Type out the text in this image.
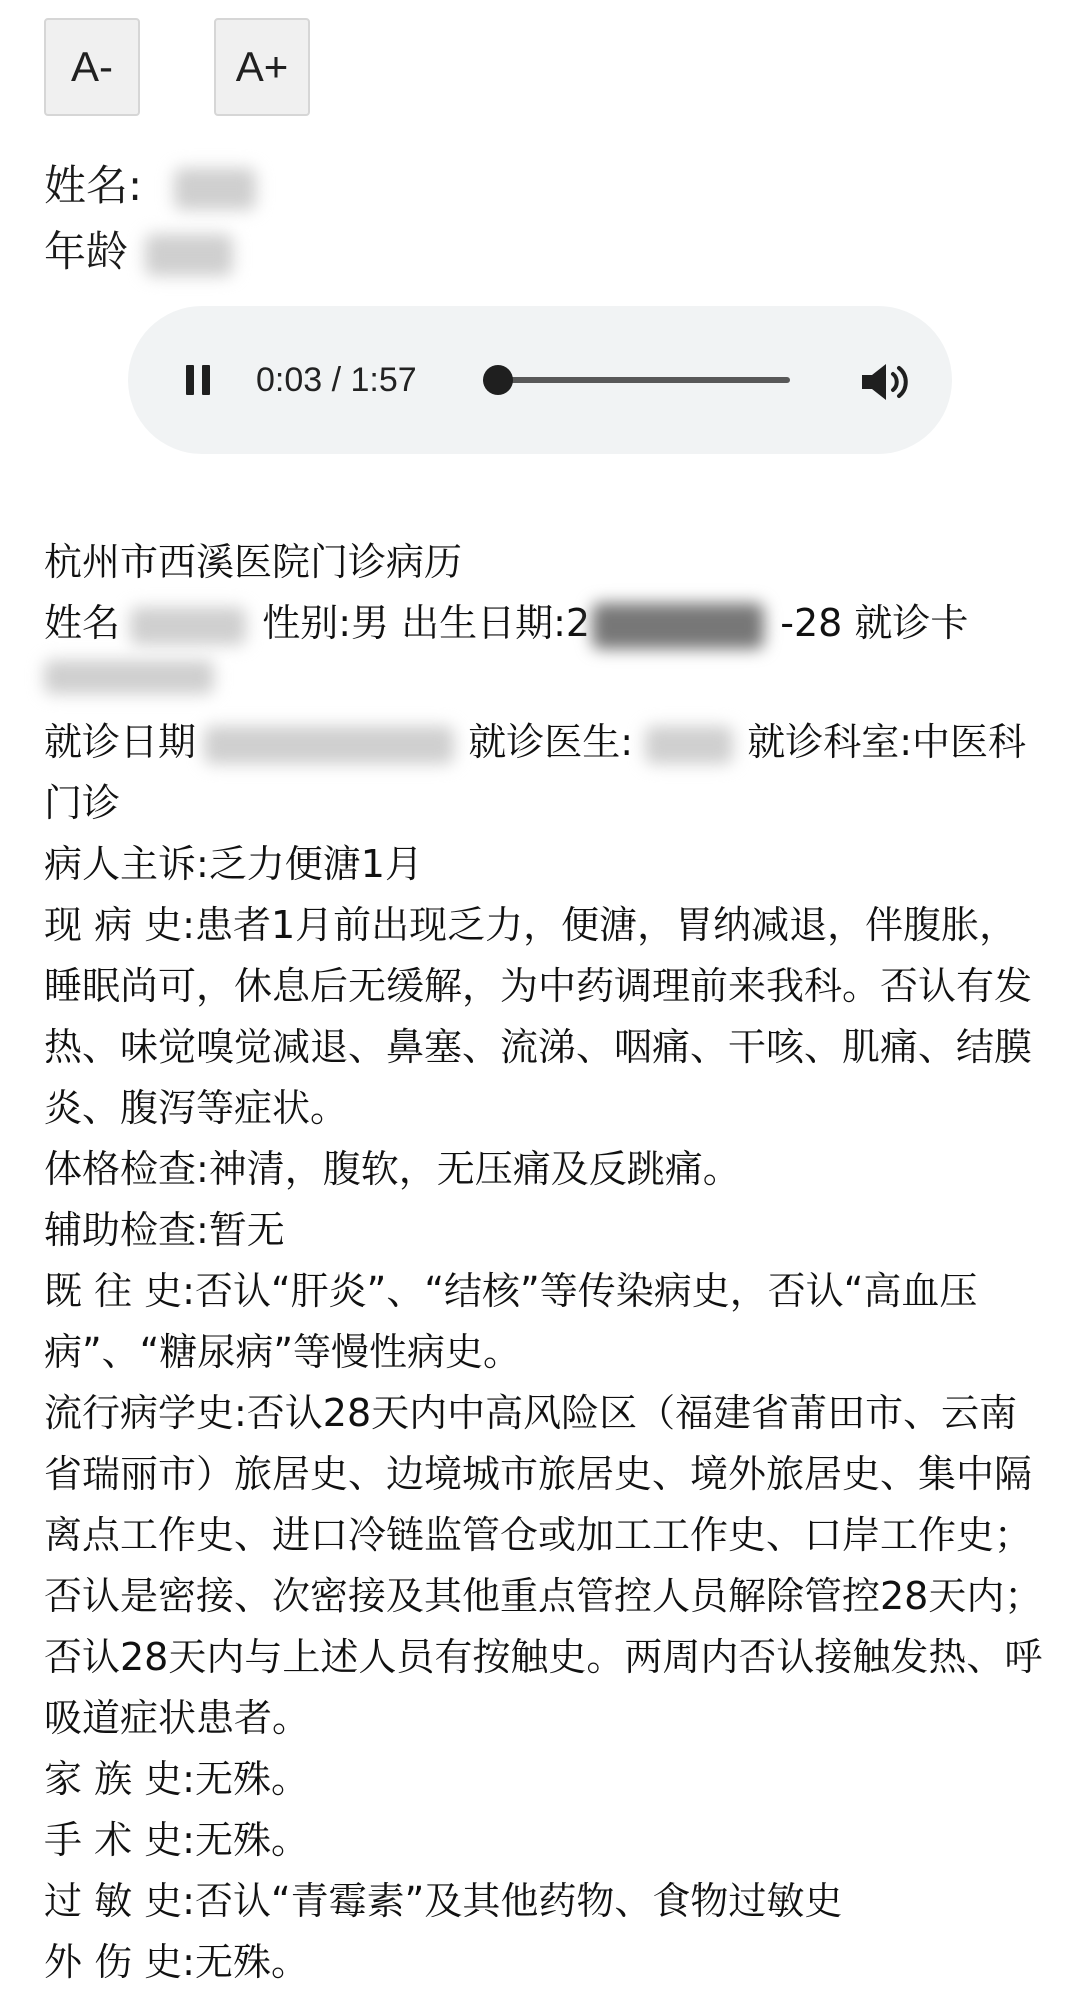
A-	A+
姓名:
年龄
0:03 / 1:57
杭州市西溪医院门诊病历
姓名	性别:男 出生日期:2	-28 就诊卡
就诊日期	就诊医生:	就诊科室:中医科门诊
病人主诉:乏力便溏1月
现 病 史:患者1月前出现乏力，便溏，胃纳减退，伴腹胀，睡眠尚可，休息后无缓解，为中药调理前来我科。否认有发热、味觉嗅觉减退、鼻塞、流涕、咽痛、干咳、肌痛、结膜炎、腹泻等症状。
体格检查:神清，腹软，无压痛及反跳痛。
辅助检查:暂无
既 往 史:否认“肝炎”、“结核”等传染病史，否认“高血压病”、“糖尿病”等慢性病史。
流行病学史:否认28天内中高风险区（福建省莆田市、云南省瑞丽市）旅居史、边境城市旅居史、境外旅居史、集中隔离点工作史、进口冷链监管仓或加工工作史、口岸工作史；否认是密接、次密接及其他重点管控人员解除管控28天内；否认28天内与上述人员有按触史。两周内否认接触发热、呼吸道症状患者。
家 族 史:无殊。
手 术 史:无殊。
过 敏 史:否认“青霉素”及其他药物、食物过敏史
外 伤 史:无殊。
